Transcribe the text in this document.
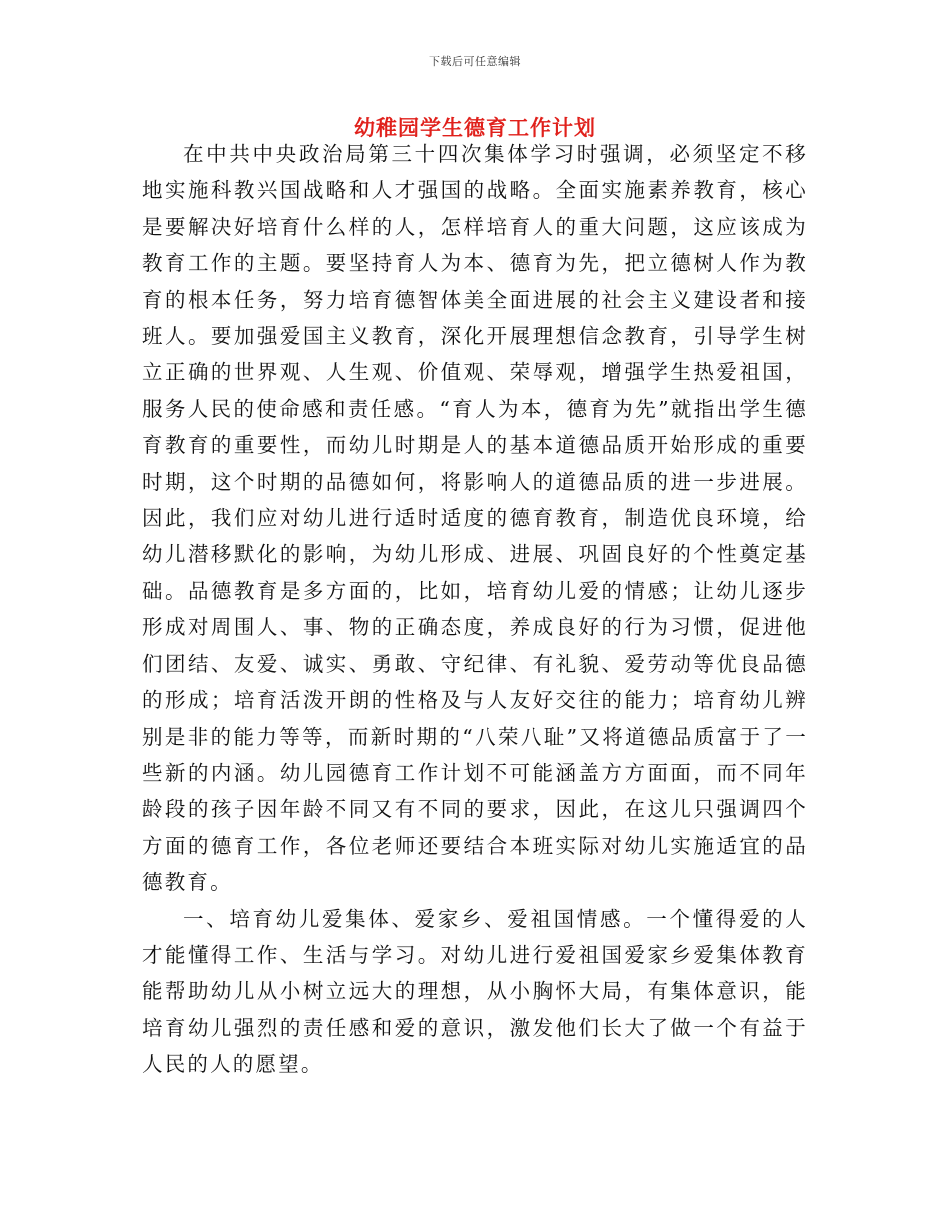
下载后可任意编辑
幼稚园学生德育工作计划

在中共中央政治局第三十四次集体学习时强调，必须坚定不移地实施科教兴国战略和人才强国的战略。全面实施素养教育，核心是要解决好培育什么样的人，怎样培育人的重大问题，这应该成为教育工作的主题。要坚持育人为本、德育为先，把立德树人作为教育的根本任务，努力培育德智体美全面进展的社会主义建设者和接班人。要加强爱国主义教育，深化开展理想信念教育，引导学生树立正确的世界观、人生观、价值观、荣辱观，增强学生热爱祖国，服务人民的使命感和责任感。“育人为本，德育为先”就指出学生德育教育的重要性，而幼儿时期是人的基本道德品质开始形成的重要时期，这个时期的品德如何，将影响人的道德品质的进一步进展。因此，我们应对幼儿进行适时适度的德育教育，制造优良环境，给幼儿潜移默化的影响，为幼儿形成、进展、巩固良好的个性奠定基础。品德教育是多方面的，比如，培育幼儿爱的情感；让幼儿逐步形成对周围人、事、物的正确态度，养成良好的行为习惯，促进他们团结、友爱、诚实、勇敢、守纪律、有礼貌、爱劳动等优良品德的形成；培育活泼开朗的性格及与人友好交往的能力；培育幼儿辨别是非的能力等等，而新时期的“八荣八耻”又将道德品质富于了一些新的内涵。幼儿园德育工作计划不可能涵盖方方面面，而不同年龄段的孩子因年龄不同又有不同的要求，因此，在这儿只强调四个方面的德育工作，各位老师还要结合本班实际对幼儿实施适宜的品德教育。

一、培育幼儿爱集体、爱家乡、爱祖国情感。一个懂得爱的人才能懂得工作、生活与学习。对幼儿进行爱祖国爱家乡爱集体教育能帮助幼儿从小树立远大的理想，从小胸怀大局，有集体意识，能培育幼儿强烈的责任感和爱的意识，激发他们长大了做一个有益于人民的人的愿望。
